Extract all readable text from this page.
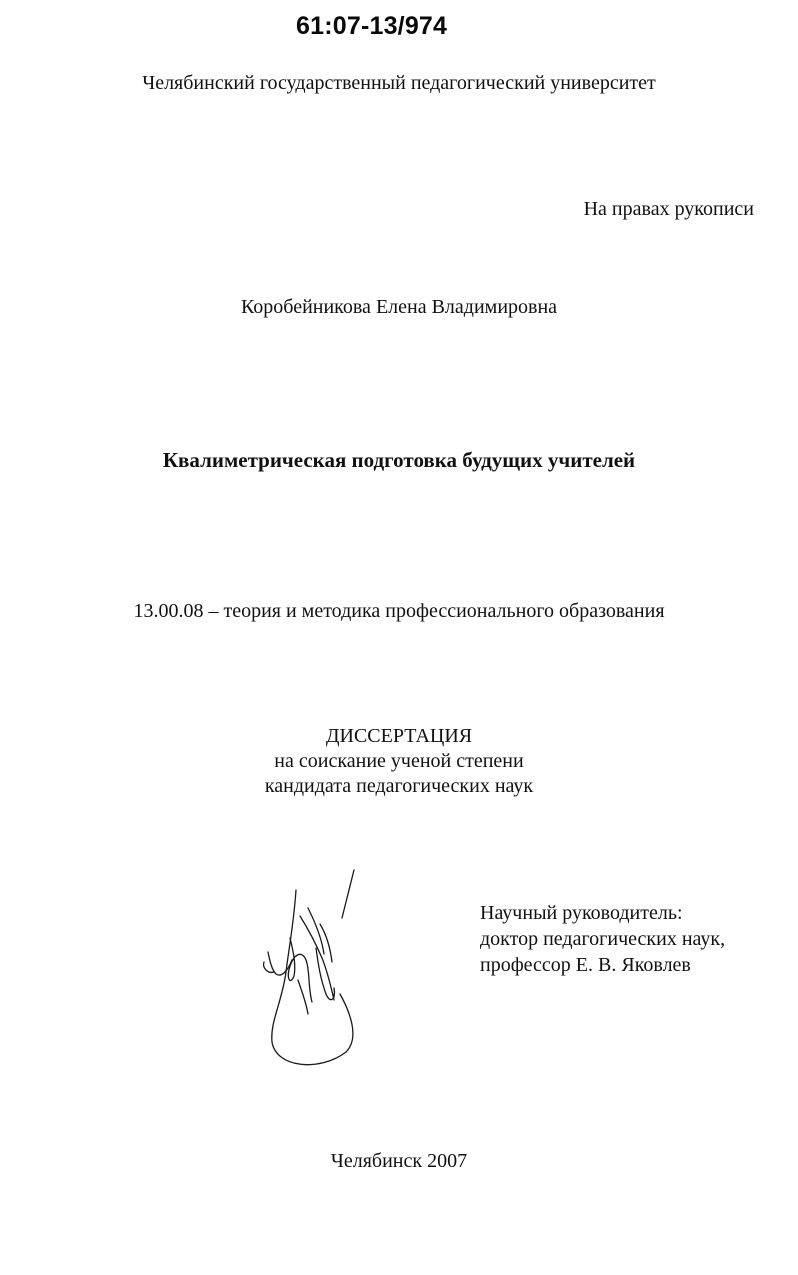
61:07-13/974
Челябинский государственный педагогический университет
На правах рукописи
Коробейникова Елена Владимировна
Квалиметрическая подготовка будущих учителей
13.00.08 – теория и методика профессионального образования
ДИССЕРТАЦИЯ
на соискание ученой степени
кандидата педагогических наук
Научный руководитель:
доктор педагогических наук,
профессор Е. В. Яковлев
Челябинск 2007
